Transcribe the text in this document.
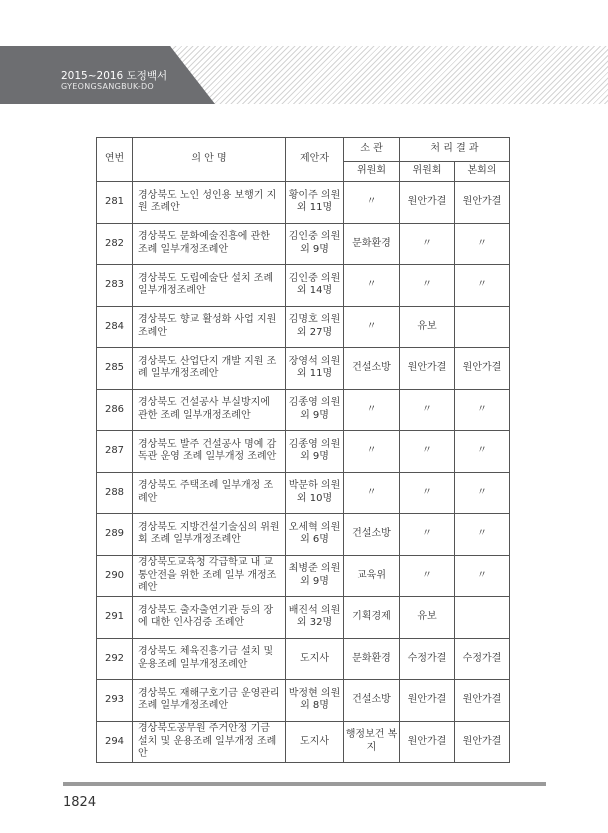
2015~2016 도정백서
GYEONGSANGBUK-DO
연번	의 안 명	제안자	소 관	처 리 결 과	
			위원회	위원회	본회의
281	경상북도 노인 성인용 보행기 지원 조례안	황이주 의원 외 11명	〃	원안가결	원안가결
282	경상북도 문화예술진흥에 관한 조례 일부개정조례안	김인중 의원 외 9명	문화환경	〃	〃
283	경상북도 도립예술단 설치 조례 일부개정조례안	김인중 의원 외 14명	〃	〃	〃
284	경상북도 향교 활성화 사업 지원 조례안	김명호 의원 외 27명	〃	유보	
285	경상북도 산업단지 개발 지원 조례 일부개정조례안	장영석 의원 외 11명	건설소방	원안가결	원안가결
286	경상북도 건설공사 부실방지에 관한 조례 일부개정조례안	김종영 의원 외 9명	〃	〃	〃
287	경상북도 발주 건설공사 명예 감독관 운영 조례 일부개정 조례안	김종영 의원 외 9명	〃	〃	〃
288	경상북도 주택조례 일부개정 조례안	박문하 의원 외 10명	〃	〃	〃
289	경상북도 지방건설기술심의 위원회 조례 일부개정조례안	오세혁 의원 외 6명	건설소방	〃	〃
290	경상북도교육청 각급학교 내 교통안전을 위한 조례 일부 개정조례안	최병준 의원 외 9명	교육위	〃	〃
291	경상북도 출자출연기관 등의 장에 대한 인사검증 조례안	배진석 의원 외 32명	기획경제	유보	
292	경상북도 체육진흥기금 설치 및 운용조례 일부개정조례안	도지사	문화환경	수정가결	수정가결
293	경상북도 재해구호기금 운영관리 조례 일부개정조례안	박정현 의원 외 8명	건설소방	원안가결	원안가결
294	경상북도공무원 주거안정 기금 설치 및 운용조례 일부개정 조례안	도지사	행정보건 복지	원안가결	원안가결
1824
